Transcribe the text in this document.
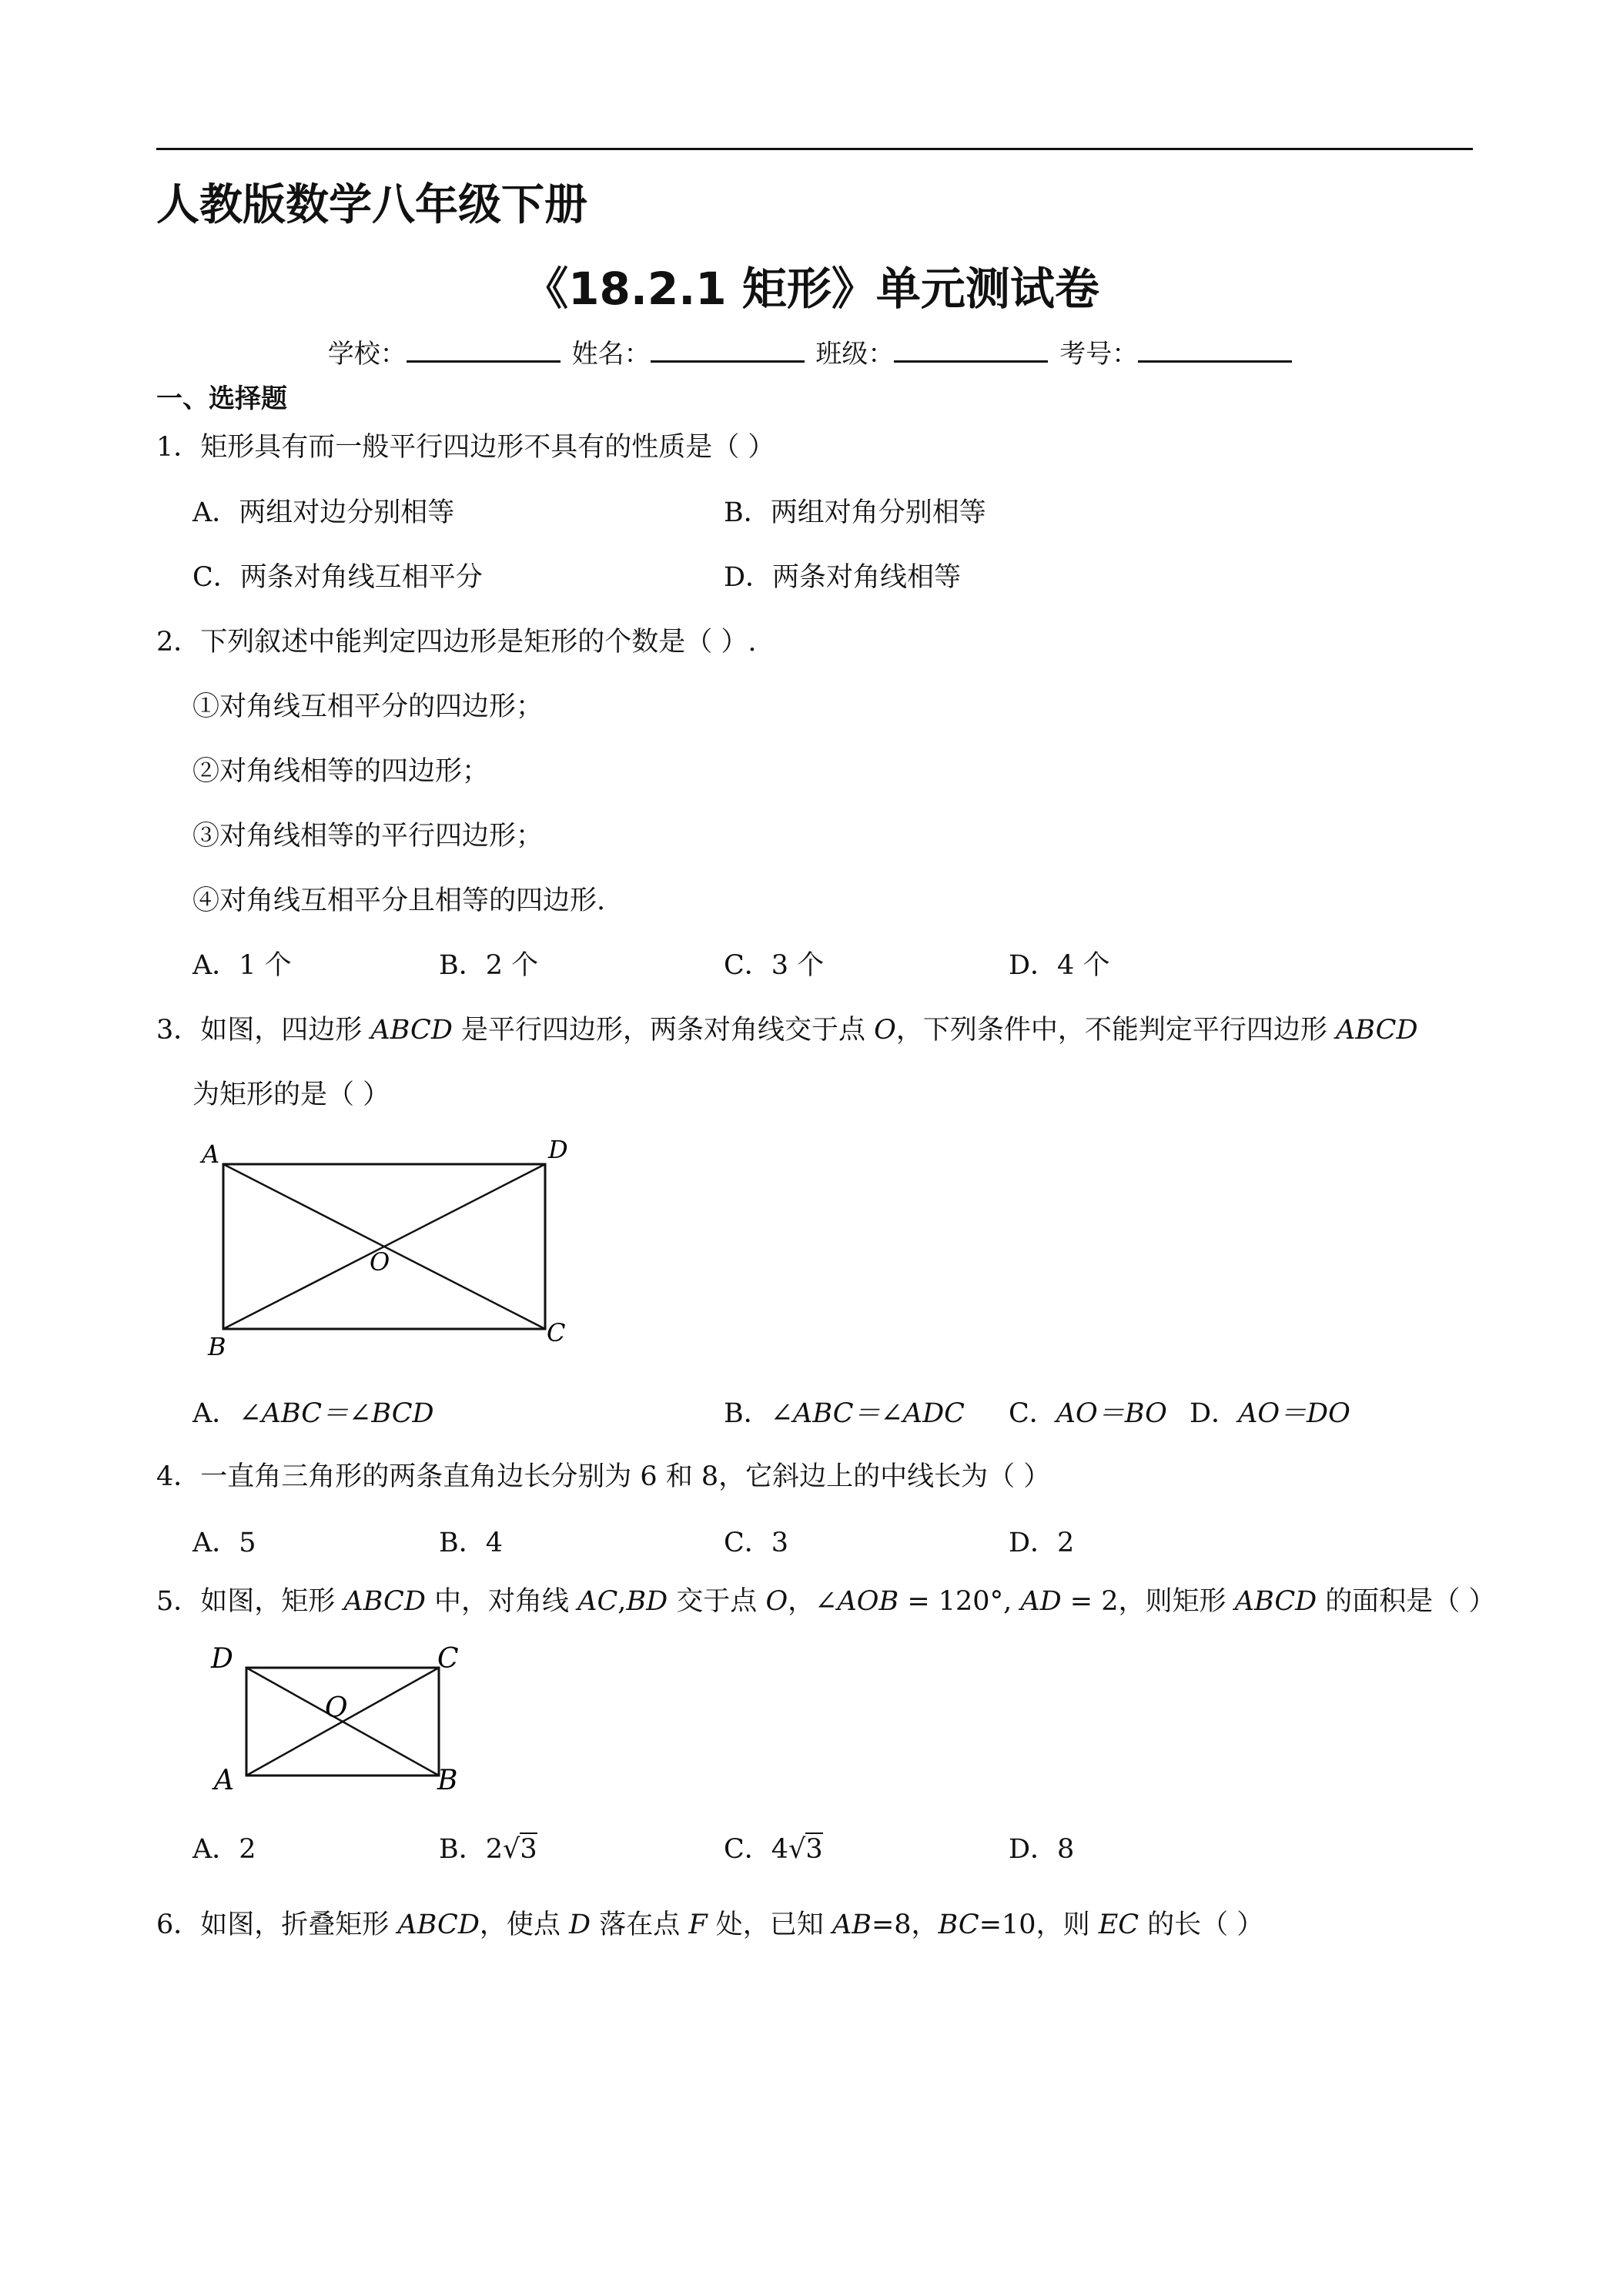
人教版数学八年级下册
《18.2.1 矩形》单元测试卷
学校：	姓名：	班级：	考号：
一、选择题
1．矩形具有而一般平行四边形不具有的性质是（ ）
A．两组对边分别相等	B．两组对角分别相等
C．两条对角线互相平分	D．两条对角线相等
2．下列叙述中能判定四边形是矩形的个数是（ ）.
①对角线互相平分的四边形；
②对角线相等的四边形；
③对角线相等的平行四边形；
④对角线互相平分且相等的四边形.
A．1 个	B．2 个	C．3 个	D．4 个
3．如图，四边形 ABCD 是平行四边形，两条对角线交于点 O，下列条件中，不能判定平行四边形 ABCD
为矩形的是（ ）
A	D
O
B	C
A．∠ABC＝∠BCD	B．∠ABC＝∠ADC C．AO＝BO D．AO＝DO
4．一直角三角形的两条直角边长分别为 6 和 8，它斜边上的中线长为（ ）
A．5	B．4	C．3	D．2
5．如图，矩形 ABCD 中，对角线 AC,BD 交于点 O，∠AOB = 120°, AD = 2，则矩形 ABCD 的面积是（ ）
D	C
O
A	B
A．2	B．2√3	C．4√3	D．8
6．如图，折叠矩形 ABCD，使点 D 落在点 F 处，已知 AB=8，BC=10，则 EC 的长（ ）
